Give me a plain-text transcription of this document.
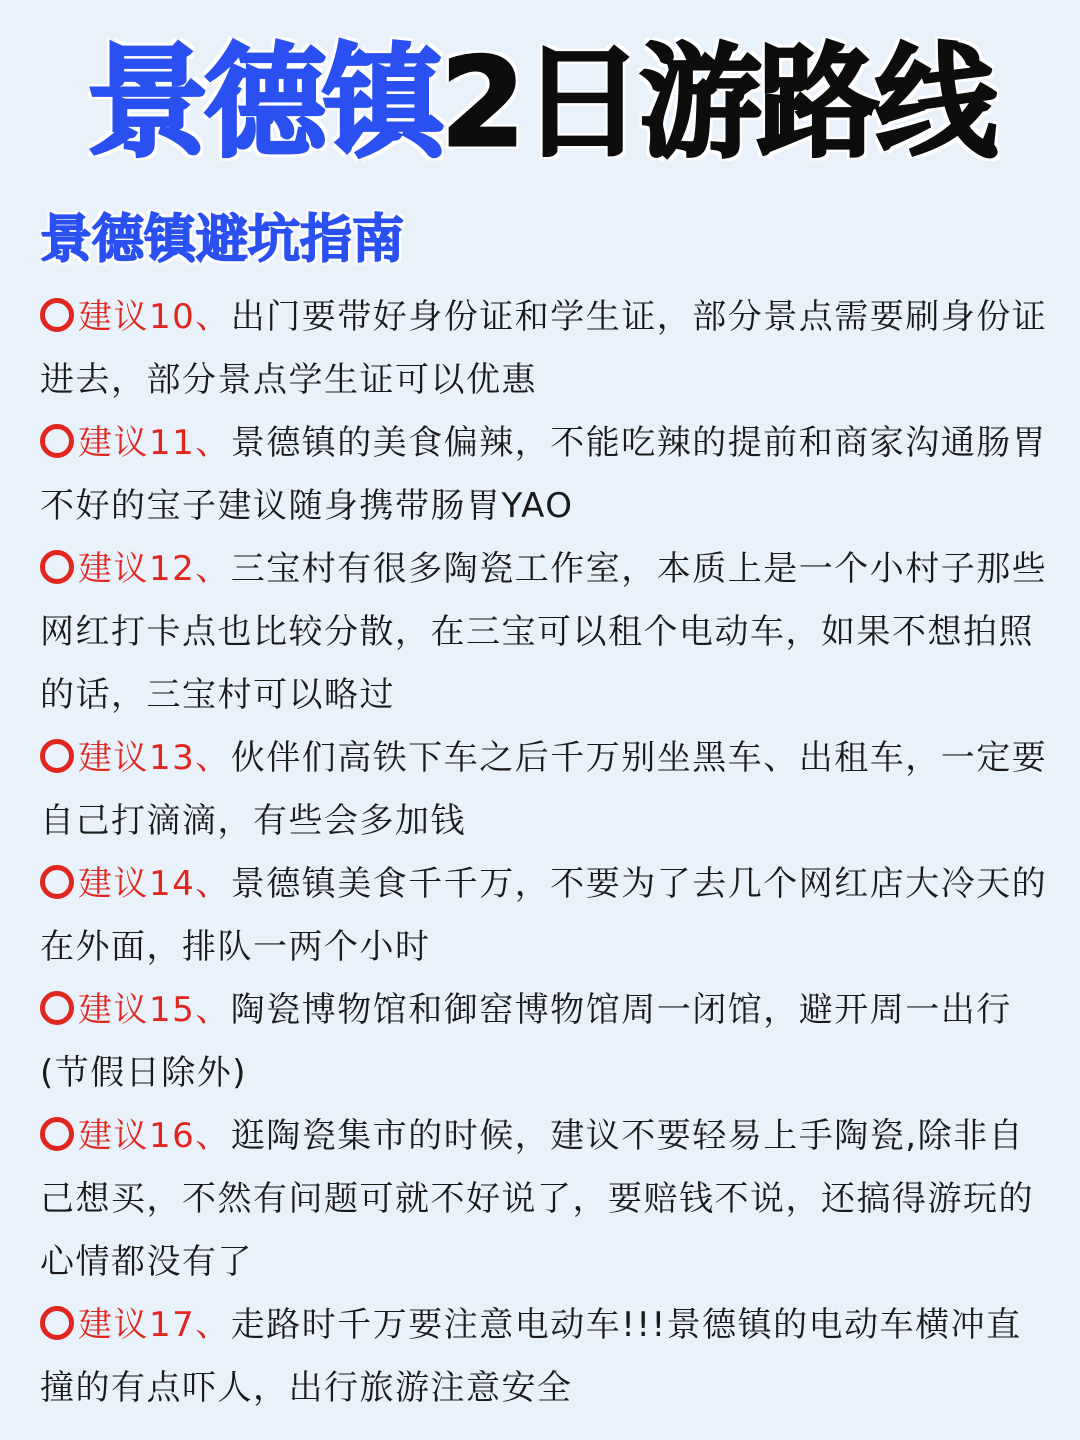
景德镇2日游路线
景德镇避坑指南
建议10、出门要带好身份证和学生证，部分景点需要刷身份证进去，部分景点学生证可以优惠
建议11、景德镇的美食偏辣，不能吃辣的提前和商家沟通肠胃不好的宝子建议随身携带肠胃YAO
建议12、三宝村有很多陶瓷工作室，本质上是一个小村子那些网红打卡点也比较分散，在三宝可以租个电动车，如果不想拍照的话，三宝村可以略过
建议13、伙伴们高铁下车之后千万别坐黑车、出租车，一定要自己打滴滴，有些会多加钱
建议14、景德镇美食千千万，不要为了去几个网红店大冷天的在外面，排队一两个小时
建议15、陶瓷博物馆和御窑博物馆周一闭馆，避开周一出行(节假日除外)
建议16、逛陶瓷集市的时候，建议不要轻易上手陶瓷,除非自己想买，不然有问题可就不好说了，要赔钱不说，还搞得游玩的心情都没有了
建议17、走路时千万要注意电动车!!!景德镇的电动车横冲直撞的有点吓人，出行旅游注意安全
